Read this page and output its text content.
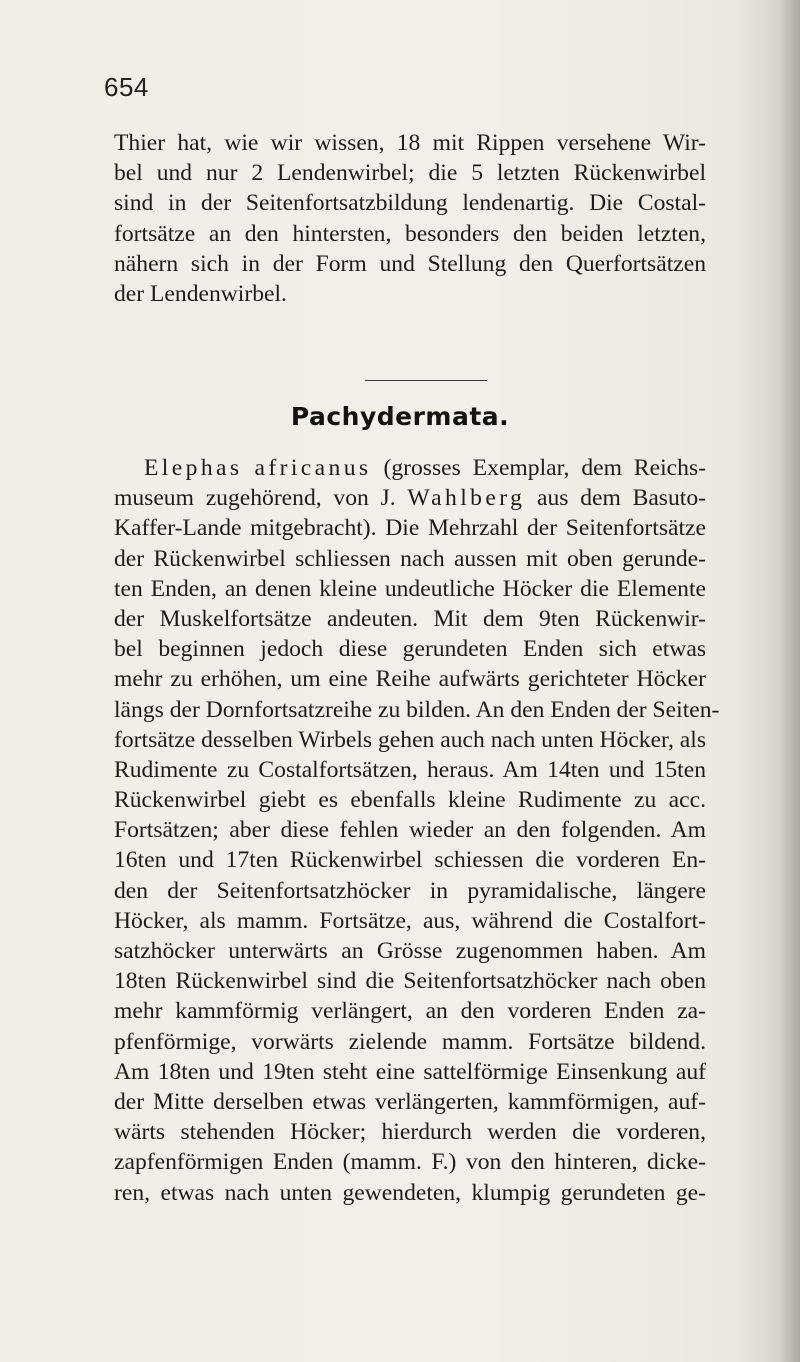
654
Thier hat, wie wir wissen, 18 mit Rippen versehene Wir-
bel und nur 2 Lendenwirbel; die 5 letzten Rückenwirbel
sind in der Seitenfortsatzbildung lendenartig. Die Costal-
fortsätze an den hintersten, besonders den beiden letzten,
nähern sich in der Form und Stellung den Querfortsätzen
der Lendenwirbel.
Pachydermata.
Elephas africanus (grosses Exemplar, dem Reichs-
museum zugehörend, von J. Wahlberg aus dem Basuto-
Kaffer-Lande mitgebracht). Die Mehrzahl der Seitenfortsätze
der Rückenwirbel schliessen nach aussen mit oben gerunde-
ten Enden, an denen kleine undeutliche Höcker die Elemente
der Muskelfortsätze andeuten. Mit dem 9ten Rückenwir-
bel beginnen jedoch diese gerundeten Enden sich etwas
mehr zu erhöhen, um eine Reihe aufwärts gerichteter Höcker
längs der Dornfortsatzreihe zu bilden. An den Enden der Seiten-
fortsätze desselben Wirbels gehen auch nach unten Höcker, als
Rudimente zu Costalfortsätzen, heraus. Am 14ten und 15ten
Rückenwirbel giebt es ebenfalls kleine Rudimente zu acc.
Fortsätzen; aber diese fehlen wieder an den folgenden. Am
16ten und 17ten Rückenwirbel schiessen die vorderen En-
den der Seitenfortsatzhöcker in pyramidalische, längere
Höcker, als mamm. Fortsätze, aus, während die Costalfort-
satzhöcker unterwärts an Grösse zugenommen haben. Am
18ten Rückenwirbel sind die Seitenfortsatzhöcker nach oben
mehr kammförmig verlängert, an den vorderen Enden za-
pfenförmige, vorwärts zielende mamm. Fortsätze bildend.
Am 18ten und 19ten steht eine sattelförmige Einsenkung auf
der Mitte derselben etwas verlängerten, kammförmigen, auf-
wärts stehenden Höcker; hierdurch werden die vorderen,
zapfenförmigen Enden (mamm. F.) von den hinteren, dicke-
ren, etwas nach unten gewendeten, klumpig gerundeten ge-
